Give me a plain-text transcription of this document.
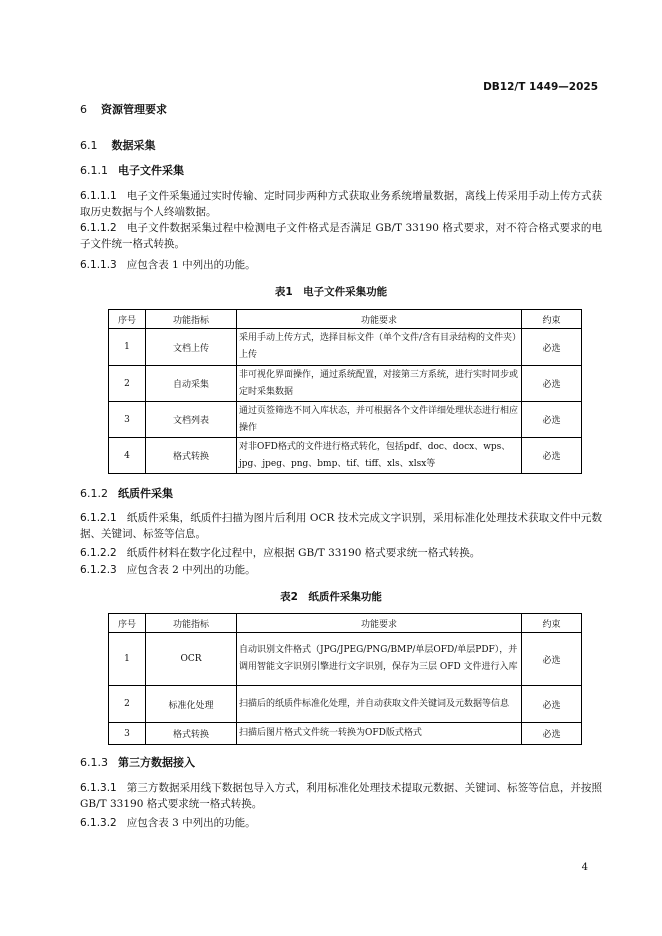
DB12/T 1449—2025
6 资源管理要求
6.1 数据采集
6.1.1 电子文件采集
6.1.1.1 电子文件采集通过实时传输、定时同步两种方式获取业务系统增量数据，离线上传采用手动上传方式获取历史数据与个人终端数据。
6.1.1.2 电子文件数据采集过程中检测电子文件格式是否满足 GB/T 33190 格式要求，对不符合格式要求的电子文件统一格式转换。
6.1.1.3 应包含表 1 中列出的功能。
表1　电子文件采集功能
序号	功能指标	功能要求	约束
1	文档上传	采用手动上传方式，选择目标文件（单个文件/含有目录结构的文件夹）上传	必选
2	自动采集	非可视化界面操作，通过系统配置，对接第三方系统，进行实时同步或定时采集数据	必选
3	文档列表	通过页签筛选不同入库状态，并可根据各个文件详细处理状态进行相应操作	必选
4	格式转换	对非OFD格式的文件进行格式转化，包括pdf、doc、docx、wps、jpg、jpeg、png、bmp、tif、tiff、xls、xlsx等	必选
6.1.2 纸质件采集
6.1.2.1 纸质件采集，纸质件扫描为图片后利用 OCR 技术完成文字识别，采用标准化处理技术获取文件中元数据、关键词、标签等信息。
6.1.2.2 纸质件材料在数字化过程中，应根据 GB/T 33190 格式要求统一格式转换。
6.1.2.3 应包含表 2 中列出的功能。
表2　纸质件采集功能
序号	功能指标	功能要求	约束
1	OCR	自动识别文件格式（JPG/JPEG/PNG/BMP/单层OFD/单层PDF），并调用智能文字识别引擎进行文字识别，保存为三层 OFD 文件进行入库	必选
2	标准化处理	扫描后的纸质件标准化处理，并自动获取文件关键词及元数据等信息	必选
3	格式转换	扫描后图片格式文件统一转换为OFD版式格式	必选
6.1.3 第三方数据接入
6.1.3.1 第三方数据采用线下数据包导入方式，利用标准化处理技术提取元数据、关键词、标签等信息，并按照 GB/T 33190 格式要求统一格式转换。
6.1.3.2 应包含表 3 中列出的功能。
4
